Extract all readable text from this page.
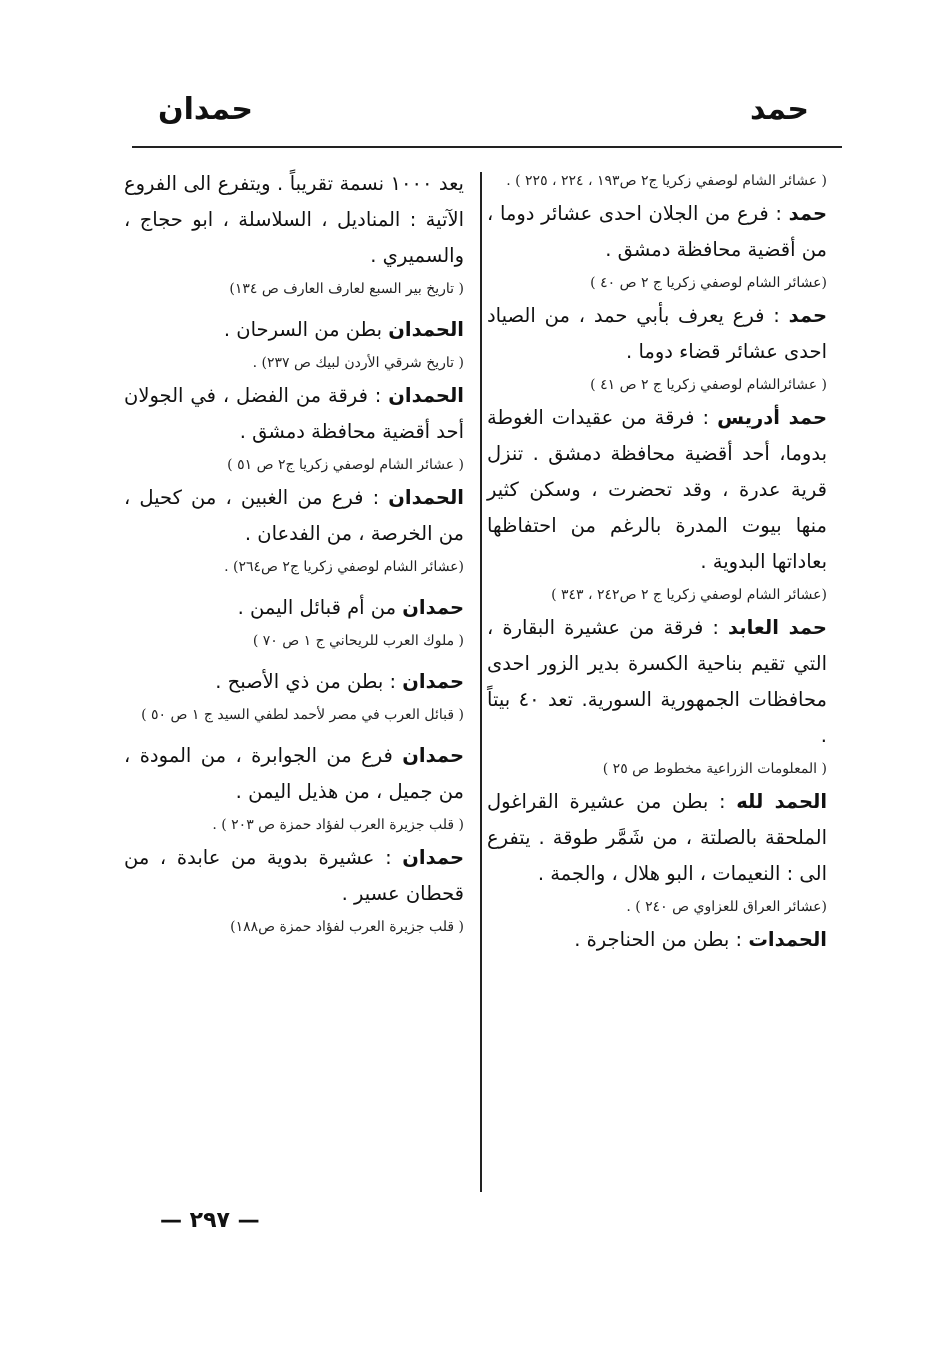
حمد
حمدان

( عشائر الشام لوصفي زكريا ج٢ ص١٩٣ ، ٢٢٤ ، ٢٢٥ ) .

حمد : فرع من الجلان احدى عشائر دوما ، من أقضية محافظة دمشق .

(عشائر الشام لوصفي زكريا ج ٢ ص ٤٠ )

حمد : فرع يعرف بأبي حمد ، من الصياد احدى عشائر قضاء دوما .

( عشائرالشام لوصفي زكريا ج ٢ ص ٤١ )

حمد أدريس : فرقة من عقيدات الغوطة بدوما، أحد أقضية محافظة دمشق . تنزل قرية عدرة ، وقد تحضرت ، وسكن كثير منها بيوت المدرة بالرغم من احتفاظها بعاداتها البدوية .

(عشائر الشام لوصفي زكريا ج ٢ ص٢٤٢ ، ٣٤٣ )

حمد العابد : فرقة من عشيرة البقارة ، التي تقيم بناحية الكسرة بدير الزور احدى محافظات الجمهورية السورية. تعد ٤٠ بيتاً .

( المعلومات الزراعية مخطوط ص ٢٥ )

الحمد لله : بطن من عشيرة القراغول الملحقة بالصلتة ، من شَمَّر طوقة . يتفرع الى : النعيمات ، البو هلال ، والجمة .

(عشائر العراق للعزاوي ص ٢٤٠ ) .

الحمدات : بطن من الحناجرة .

يعد ١٠٠٠ نسمة تقريباً . ويتفرع الى الفروع الآتية : المناديل ، السلاسلة ، ابو حجاج ، والسميري .

( تاريخ بير السبع لعارف العارف ص ١٣٤)

الحمدان بطن من السرحان .

( تاريخ شرقي الأردن لبيك ص ٢٣٧) .

الحمدان : فرقة من الفضل ، في الجولان أحد أقضية محافظة دمشق .

( عشائر الشام لوصفي زكريا ج٢ ص ٥١ )

الحمدان : فرع من الغبين ، من كحيل ، من الخرصة ، من الفدعان .

(عشائر الشام لوصفي زكريا ج٢ ص٢٦٤) .

حمدان من أم قبائل اليمن .

( ملوك العرب للريحاني ج ١ ص ٧٠ )

حمدان : بطن من ذي الأصبح .

( قبائل العرب في مصر لأحمد لطفي السيد ج ١ ص ٥٠ )

حمدان فرع من الجوابرة ، من المودة ، من جميل ، من هذيل اليمن .

( قلب جزيرة العرب لفؤاد حمزة ص ٢٠٣ ) .

حمدان : عشيرة بدوية من عابدة ، من قحطان عسير .

( قلب جزيرة العرب لفؤاد حمزة ص١٨٨)

— ٢٩٧ —
